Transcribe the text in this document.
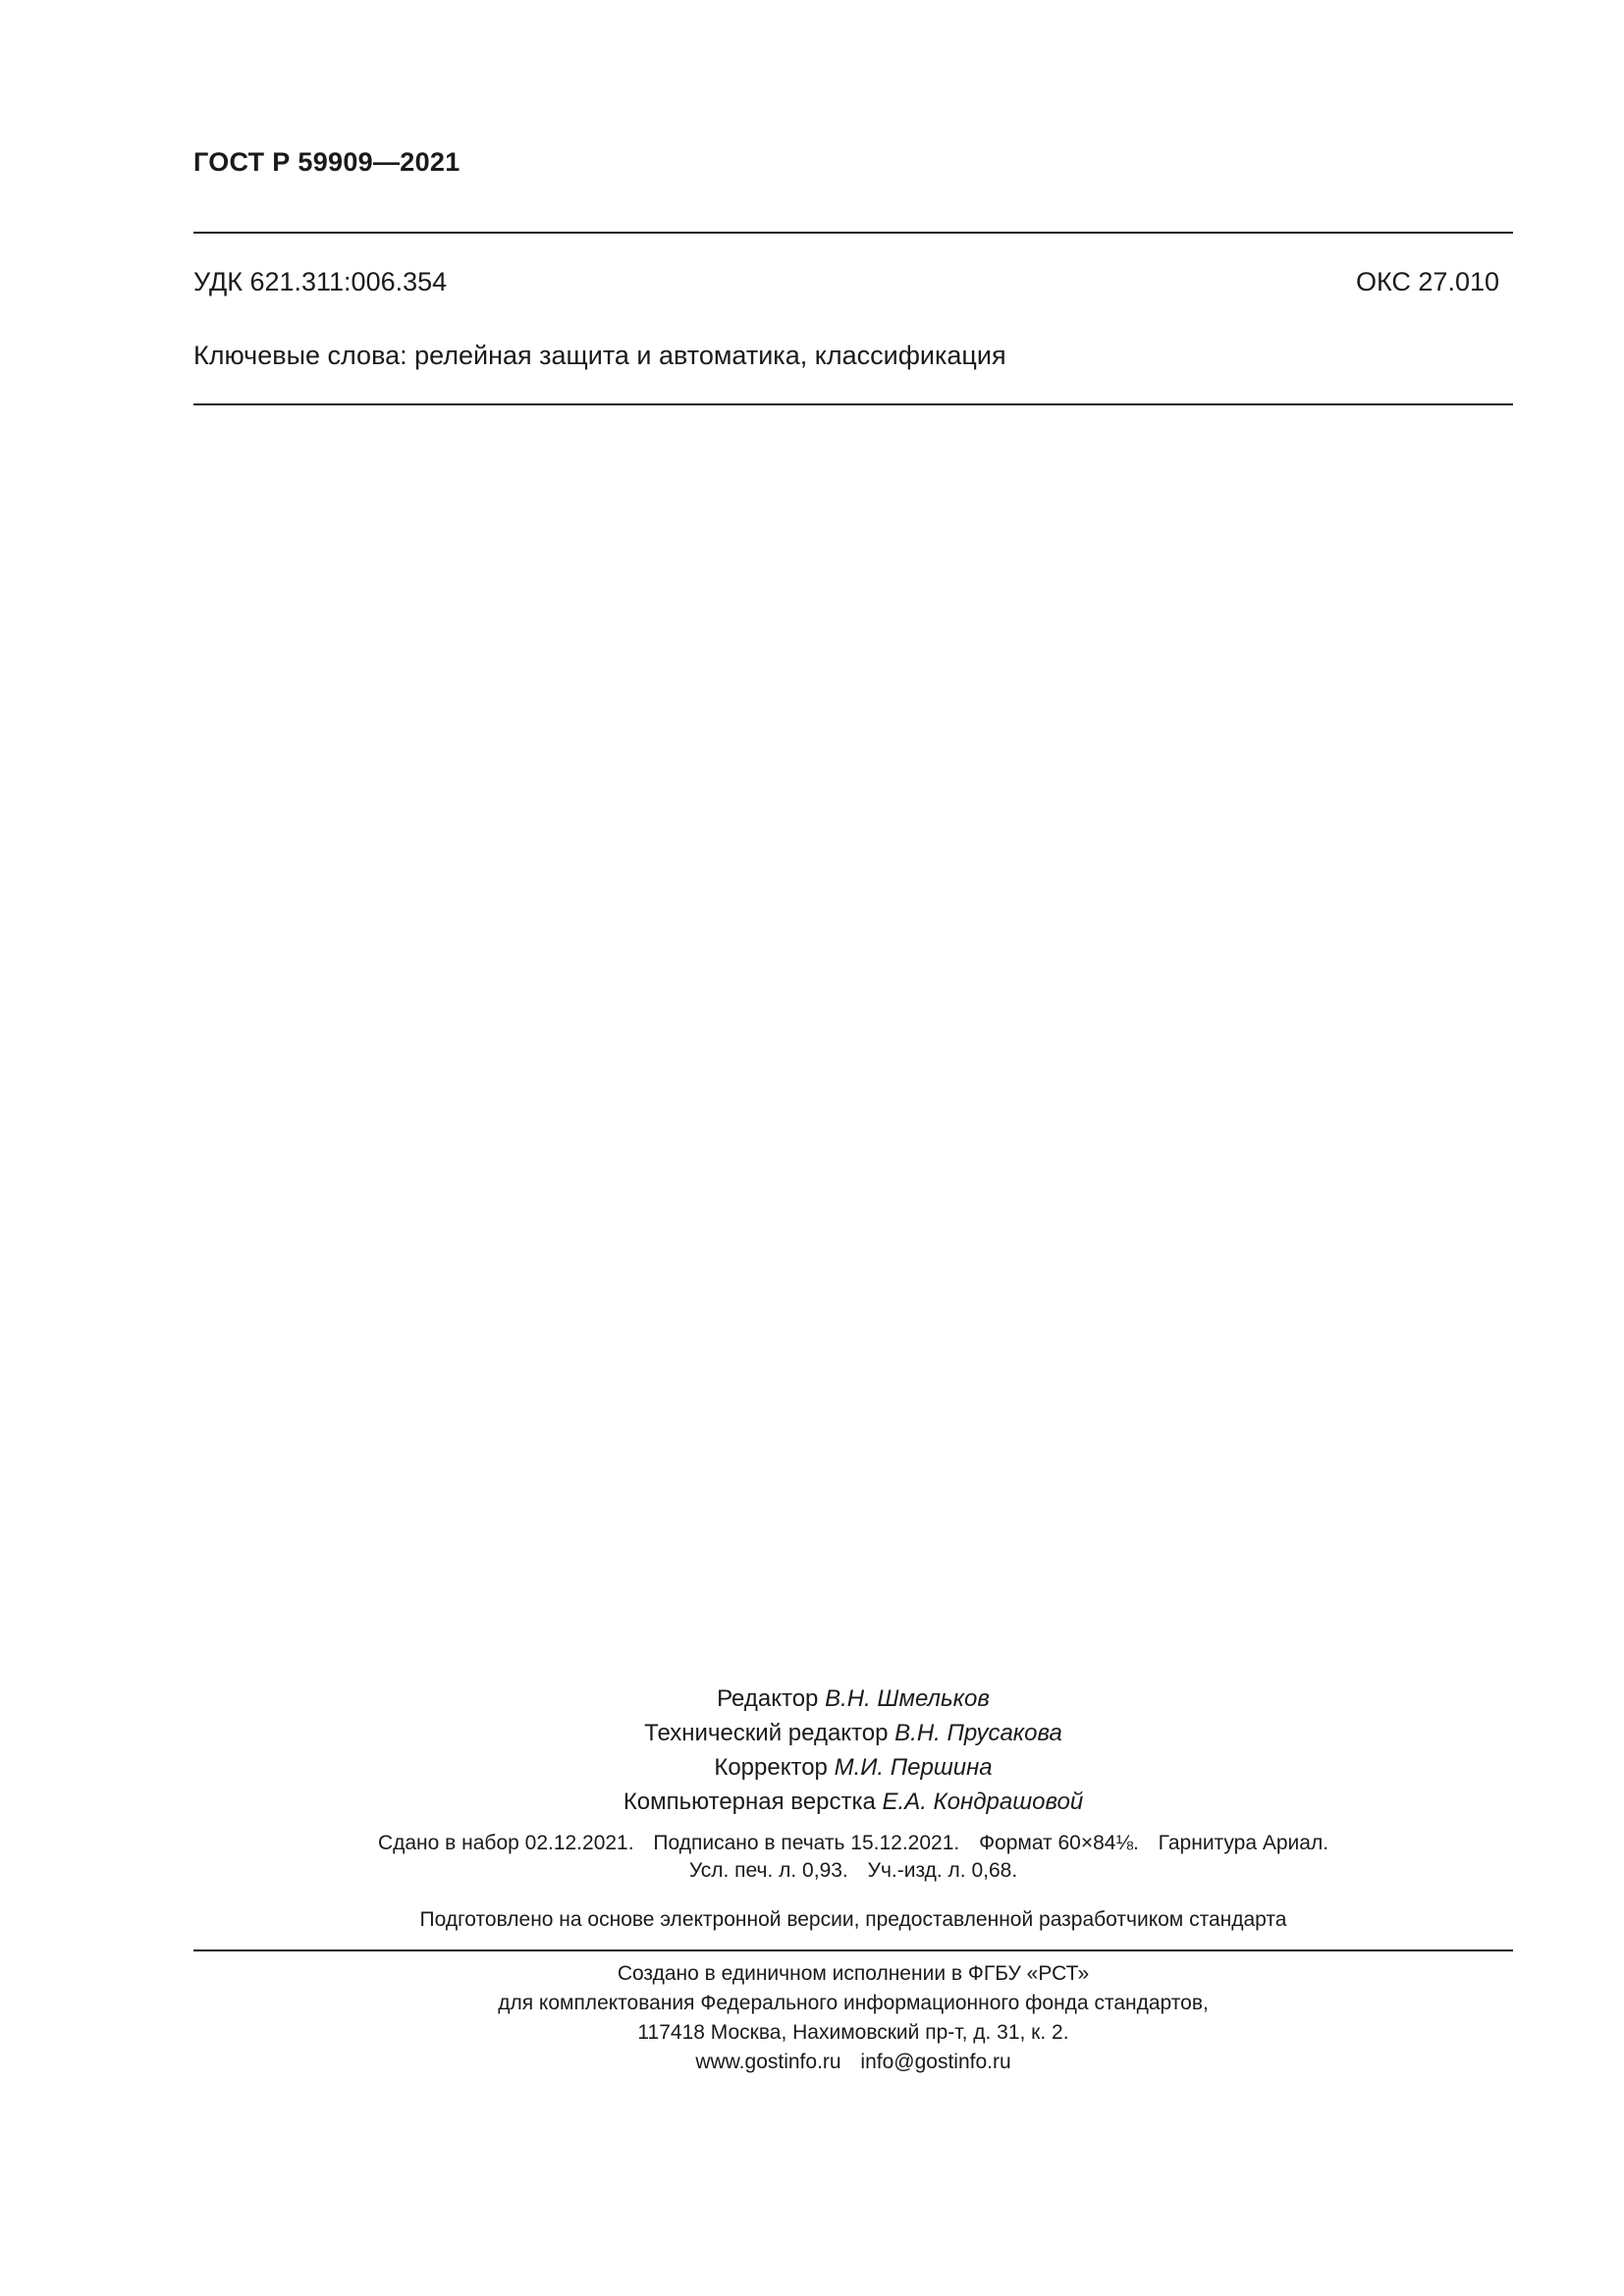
ГОСТ Р 59909—2021
УДК 621.311:006.354	ОКС 27.010
Ключевые слова: релейная защита и автоматика, классификация
Редактор В.Н. Шмельков
Технический редактор В.Н. Прусакова
Корректор М.И. Першина
Компьютерная верстка Е.А. Кондрашовой
Сдано в набор 02.12.2021. Подписано в печать 15.12.2021. Формат 60×84⅛. Гарнитура Ариал.
Усл. печ. л. 0,93. Уч.-изд. л. 0,68.
Подготовлено на основе электронной версии, предоставленной разработчиком стандарта
Создано в единичном исполнении в ФГБУ «РСТ»
для комплектования Федерального информационного фонда стандартов,
117418 Москва, Нахимовский пр-т, д. 31, к. 2.
www.gostinfo.ru info@gostinfo.ru
